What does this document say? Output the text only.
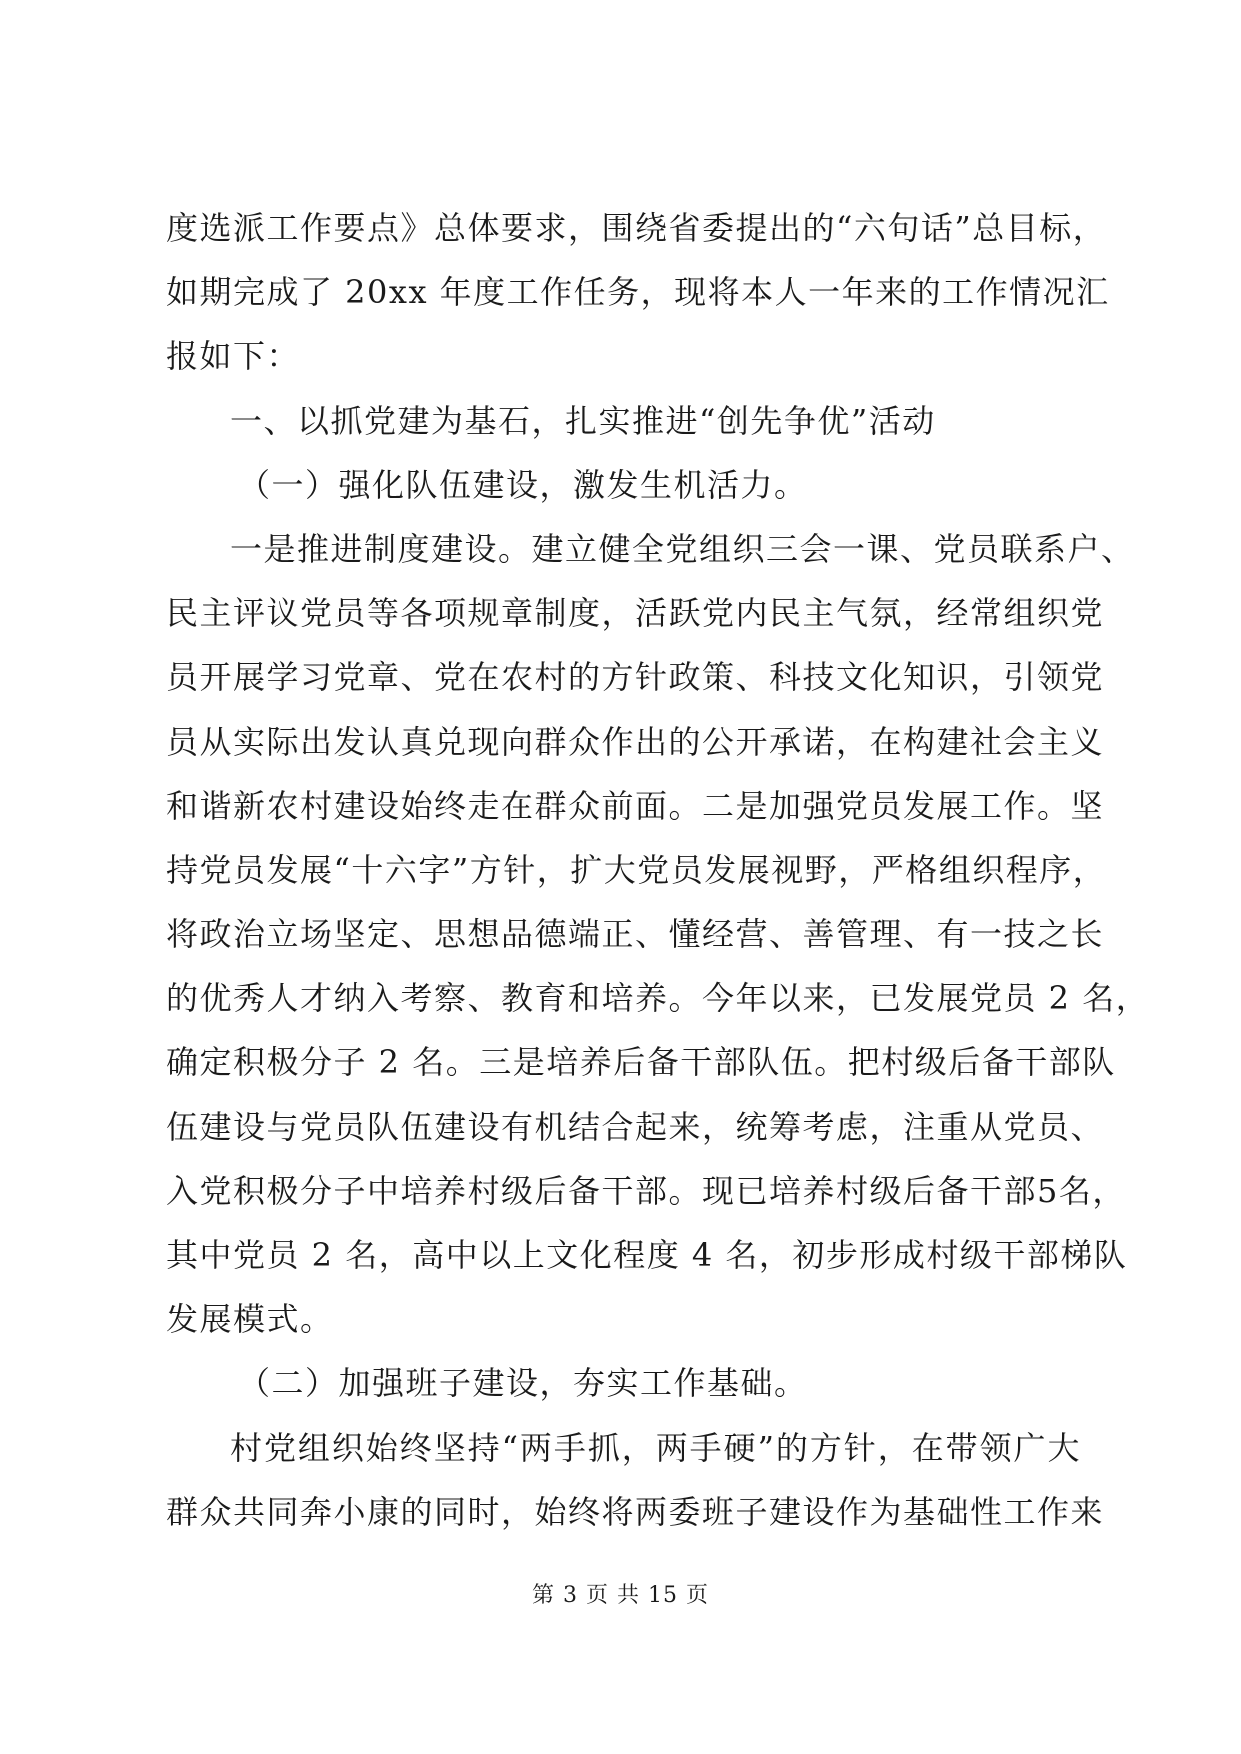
度选派工作要点》总体要求，围绕省委提出的“六句话”总目标，
如期完成了 20xx 年度工作任务，现将本人一年来的工作情况汇
报如下：
一、以抓党建为基石，扎实推进“创先争优”活动
（一）强化队伍建设，激发生机活力。
一是推进制度建设。建立健全党组织三会一课、党员联系户、
民主评议党员等各项规章制度，活跃党内民主气氛，经常组织党
员开展学习党章、党在农村的方针政策、科技文化知识，引领党
员从实际出发认真兑现向群众作出的公开承诺，在构建社会主义
和谐新农村建设始终走在群众前面。二是加强党员发展工作。坚
持党员发展“十六字”方针，扩大党员发展视野，严格组织程序，
将政治立场坚定、思想品德端正、懂经营、善管理、有一技之长
的优秀人才纳入考察、教育和培养。今年以来，已发展党员 2 名，
确定积极分子 2 名。三是培养后备干部队伍。把村级后备干部队
伍建设与党员队伍建设有机结合起来，统筹考虑，注重从党员、
入党积极分子中培养村级后备干部。现已培养村级后备干部5名，
其中党员 2 名，高中以上文化程度 4 名，初步形成村级干部梯队
发展模式。
（二）加强班子建设，夯实工作基础。
村党组织始终坚持“两手抓，两手硬”的方针，在带领广大
群众共同奔小康的同时，始终将两委班子建设作为基础性工作来
第 3 页 共 15 页
